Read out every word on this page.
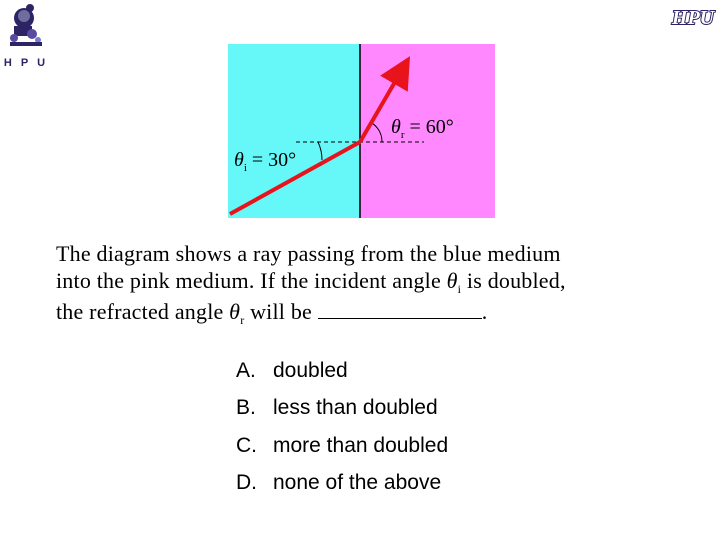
H P U
HPU
$\theta_r = 60^\circ$
$\theta_i = 30^\circ$
The diagram shows a ray passing from the blue medium
into the pink medium. If the incident angle $\theta_i$ is doubled,
the refracted angle $\theta_r$ will be	.
A. doubled
B. less than doubled
C. more than doubled
D. none of the above
